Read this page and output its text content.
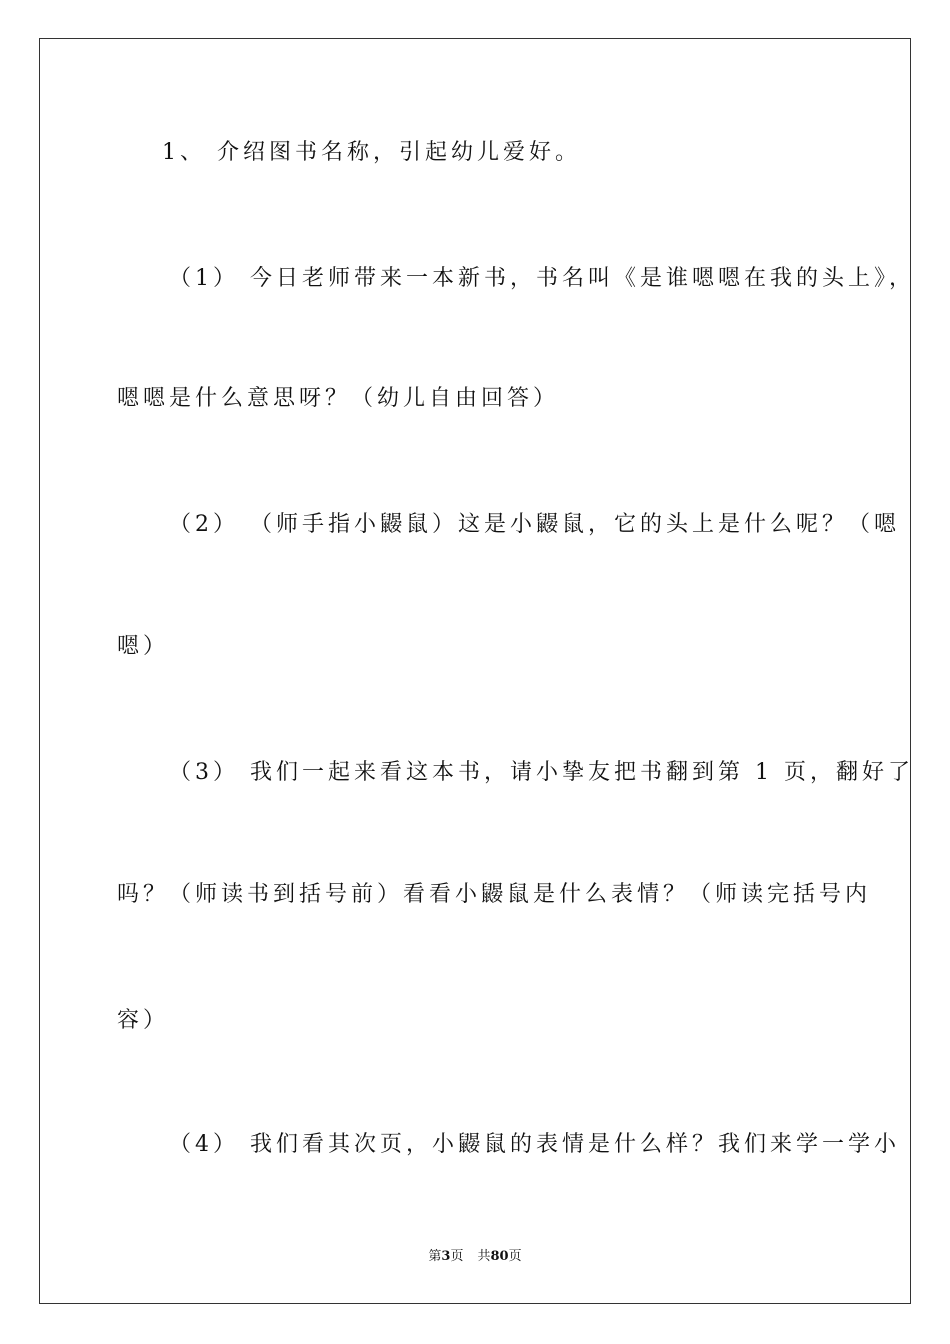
1、 介绍图书名称，引起幼儿爱好。
（1） 今日老师带来一本新书，书名叫《是谁嗯嗯在我的头上》，
嗯嗯是什么意思呀？（幼儿自由回答）
（2） （师手指小鼹鼠）这是小鼹鼠，它的头上是什么呢？（嗯
嗯）
（3） 我们一起来看这本书，请小挚友把书翻到第 1 页，翻好了
吗？（师读书到括号前）看看小鼹鼠是什么表情？（师读完括号内
容）
（4） 我们看其次页，小鼹鼠的表情是什么样？我们来学一学小
第3页 共80页
